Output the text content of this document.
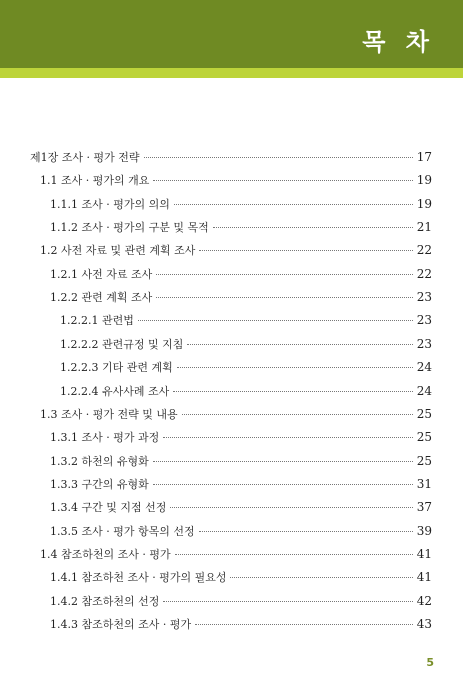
목 차
제1장 조사 · 평가 전략	17
1.1 조사 · 평가의 개요	19
1.1.1 조사 · 평가의 의의	19
1.1.2 조사 · 평가의 구분 및 목적	21
1.2 사전 자료 및 관련 계획 조사	22
1.2.1 사전 자료 조사	22
1.2.2 관련 계획 조사	23
1.2.2.1 관련법	23
1.2.2.2 관련규정 및 지침	23
1.2.2.3 기타 관련 계획	24
1.2.2.4 유사사례 조사	24
1.3 조사 · 평가 전략 및 내용	25
1.3.1 조사 · 평가 과정	25
1.3.2 하천의 유형화	25
1.3.3 구간의 유형화	31
1.3.4 구간 및 지점 선정	37
1.3.5 조사 · 평가 항목의 선정	39
1.4 참조하천의 조사 · 평가	41
1.4.1 참조하천 조사 · 평가의 필요성	41
1.4.2 참조하천의 선정	42
1.4.3 참조하천의 조사 · 평가	43
5
